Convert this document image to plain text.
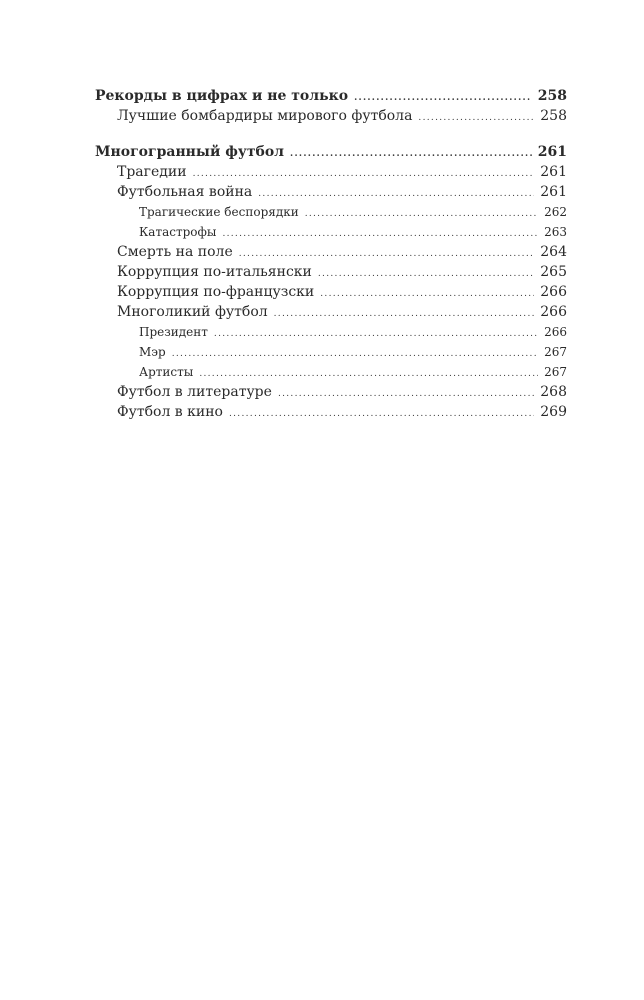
Рекорды в цифрах и не только .....	258
Лучшие бомбардиры мирового футбола .....	258
Многогранный футбол .....	261
Трагедии .....	261
Футбольная война .....	261
Трагические беспорядки .....	262
Катастрофы .....	263
Смерть на поле .....	264
Коррупция по-итальянски .....	265
Коррупция по-французски .....	266
Многоликий футбол .....	266
Президент .....	266
Мэр .....	267
Артисты .....	267
Футбол в литературе .....	268
Футбол в кино .....	269
